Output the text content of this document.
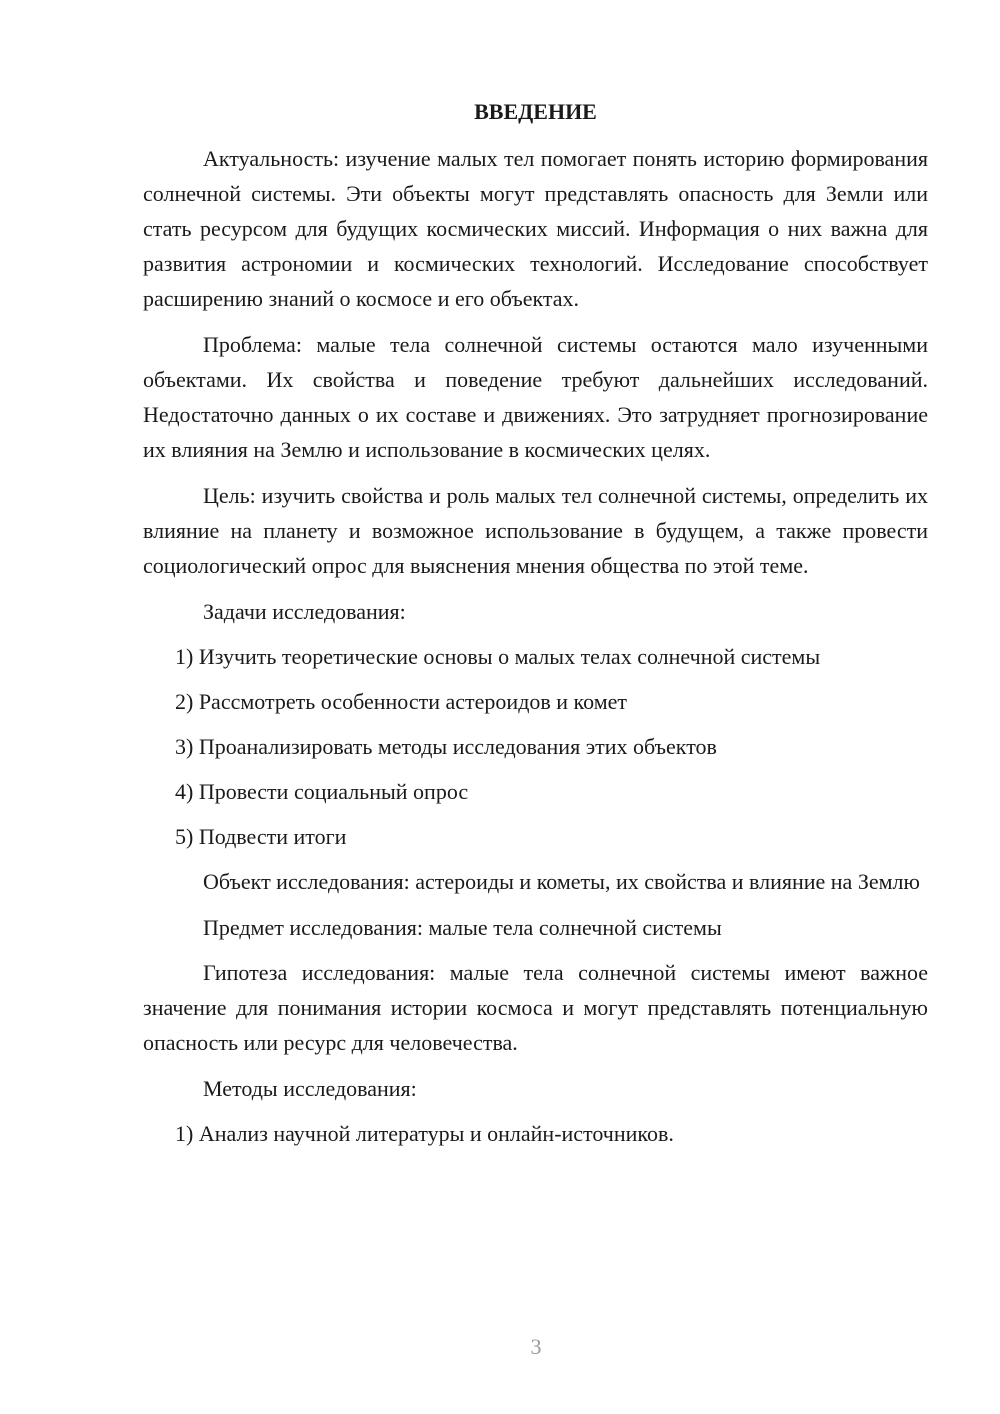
ВВЕДЕНИЕ

Актуальность: изучение малых тел помогает понять историю формирования солнечной системы. Эти объекты могут представлять опасность для Земли или стать ресурсом для будущих космических миссий. Информация о них важна для развития астрономии и космических технологий. Исследование способствует расширению знаний о космосе и его объектах.

Проблема: малые тела солнечной системы остаются мало изученными объектами. Их свойства и поведение требуют дальнейших исследований. Недостаточно данных о их составе и движениях. Это затрудняет прогнозирование их влияния на Землю и использование в космических целях.

Цель: изучить свойства и роль малых тел солнечной системы, определить их влияние на планету и возможное использование в будущем, а также провести социологический опрос для выяснения мнения общества по этой теме.

Задачи исследования:
1) Изучить теоретические основы о малых телах солнечной системы
2) Рассмотреть особенности астероидов и комет
3) Проанализировать методы исследования этих объектов
4) Провести социальный опрос
5) Подвести итоги

Объект исследования: астероиды и кометы, их свойства и влияние на Землю

Предмет исследования: малые тела солнечной системы

Гипотеза исследования: малые тела солнечной системы имеют важное значение для понимания истории космоса и могут представлять потенциальную опасность или ресурс для человечества.

Методы исследования:
1) Анализ научной литературы и онлайн-источников.
3
